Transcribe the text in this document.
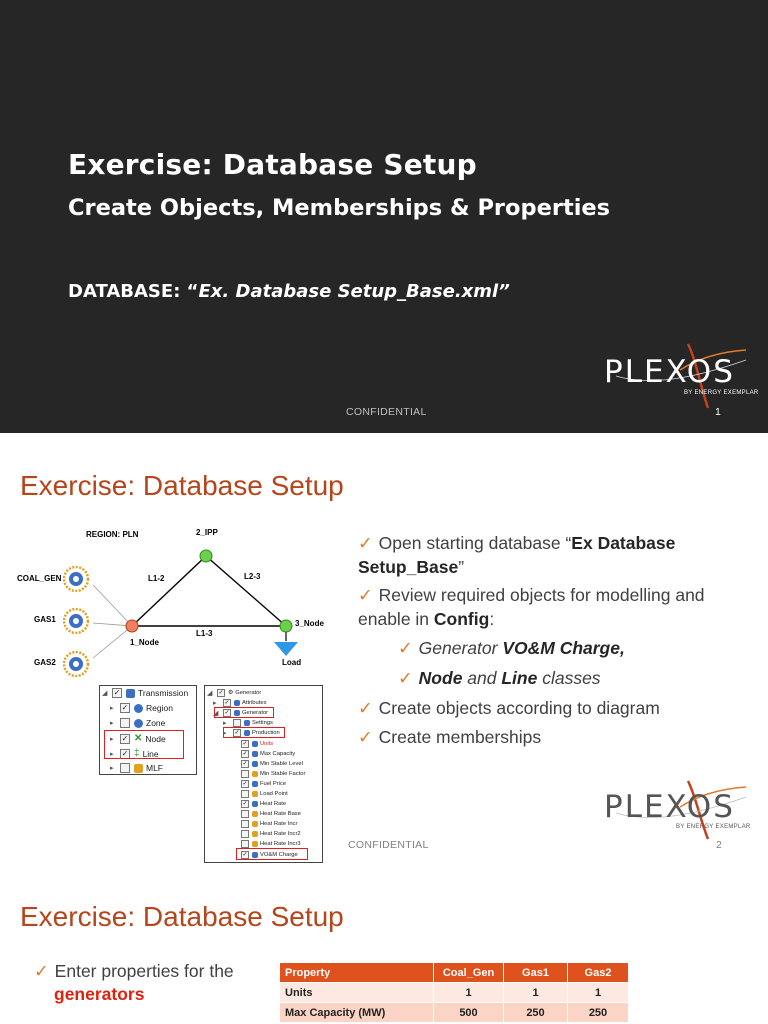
Exercise: Database Setup
Create Objects, Memberships & Properties
DATABASE: “Ex. Database Setup_Base.xml”
PLEXOS
BY ENERGY EXEMPLAR
CONFIDENTIAL	1
Exercise: Database Setup
REGION: PLN	2_IPP
L1-2	L2-3
L1-3
1_Node
3_Node
Load
COAL_GEN
GAS1
GAS2
◢ ✓ Transmission
▸	✓ Region
▸	Zone
▸	✓ ✕ Node
▸	✓ ‡ Line
▸	MLF
◢	✓ ⚙ Generator
▸	✓ Attributes
◢	✓ Generator
▸	Settings
▸	✓ Production
✓ Units
✓ Max Capacity
✓ Min Stable Level
Min Stable Factor
✓ Fuel Price
Load Point
✓ Heat Rate
Heat Rate Base
Heat Rate Incr
Heat Rate Incr2
Heat Rate Incr3
✓ VO&M Charge
✓ Open starting database “Ex Database Setup_Base”
✓ Review required objects for modelling and enable in Config:
✓ Generator VO&M Charge,
✓ Node and Line classes
✓ Create objects according to diagram
✓ Create memberships
PLEXOS
BY ENERGY EXEMPLAR
CONFIDENTIAL	2
Exercise: Database Setup
✓ Enter properties for the
generators
Property	Coal_Gen	Gas1	Gas2
Units	1	1	1
Max Capacity (MW)	500	250	250
